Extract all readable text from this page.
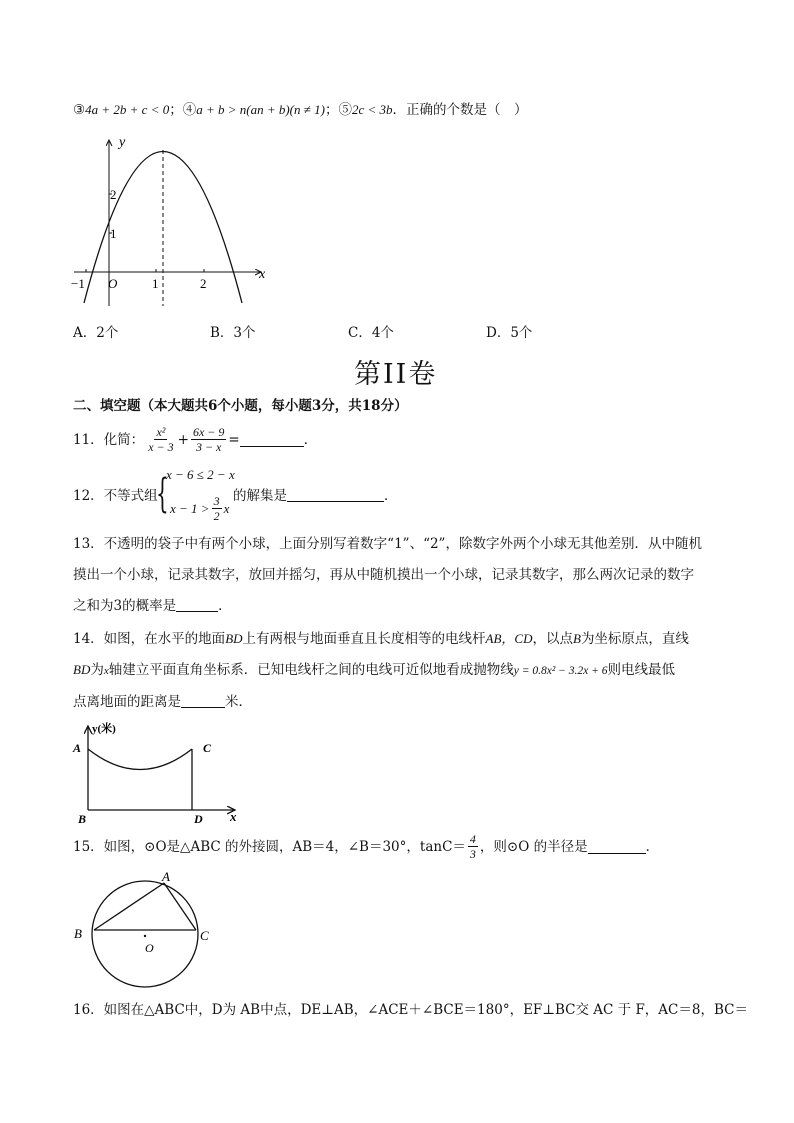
③4a + 2b + c < 0；④a + b > n(an + b)(n ≠ 1)；⑤2c < 3b．正确的个数是（　）
y
x
O
−1	1	2
1
2
A．2个	B．3个	C．4个	D．5个
第II卷
二、填空题（本大题共6个小题，每小题3分，共18分）
11．化简： $\frac{\text{x²}}{x - 3} + \frac{6x - 9}{3 - x}$ =	．
12．不等式组
{
x − 6 ≤ 2 − x
$x - 1 > \frac{3}{2}$ x
的解集是	．
13．不透明的袋子中有两个小球，上面分别写着数字“1”、“2”，除数字外两个小球无其他差别．从中随机
摸出一个小球，记录其数字，放回并摇匀，再从中随机摸出一个小球，记录其数字，那么两次记录的数字
之和为3的概率是	．
14．如图，在水平的地面BD上有两根与地面垂直且长度相等的电线杆AB，CD，以点B为坐标原点，直线
BD为x轴建立平面直角坐标系．已知电线杆之间的电线可近似地看成抛物线y = 0.8x² − 3.2x + 6则电线最低
点离地面的距离是	米．
y(米)
x
A
B
C
D
15．如图，⊙O是△ABC 的外接圆，AB＝4，∠B＝30°，$\tan C= \frac{4}{3}$ ，则⊙O 的半径是	．
A
B	C
O
16．如图在△ABC中，D为 AB中点，DE⊥AB，∠ACE＋∠BCE＝180°，EF⊥BC交 AC 于 F，AC＝8，BC＝
